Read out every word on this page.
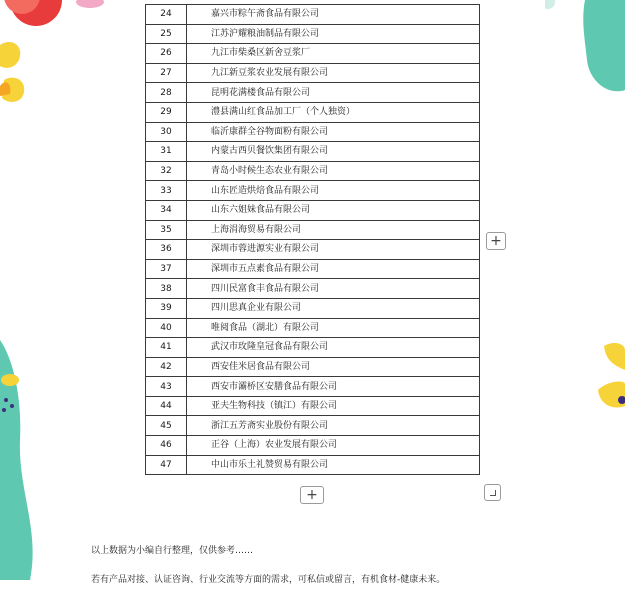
24	嘉兴市粽午斋食品有限公司
25	江苏沪耀粮油制品有限公司
26	九江市柴桑区新舍豆浆厂
27	九江新豆浆农业发展有限公司
28	昆明花满楼食品有限公司
29	澧县满山红食品加工厂（个人独资）
30	临沂康群全谷物面粉有限公司
31	内蒙古西贝餐饮集团有限公司
32	青岛小时候生态农业有限公司
33	山东匠造烘焙食品有限公司
34	山东六姐妹食品有限公司
35	上海涓海贸易有限公司
36	深圳市蓉进源实业有限公司
37	深圳市五点素食品有限公司
38	四川民富食丰食品有限公司
39	四川思真企业有限公司
40	唯阅食品（湖北）有限公司
41	武汉市玫隆皇冠食品有限公司
42	西安佳米居食品有限公司
43	西安市灞桥区安膳食品有限公司
44	亚夫生物科技（镇江）有限公司
45	浙江五芳斋实业股份有限公司
46	正谷（上海）农业发展有限公司
47	中山市乐土礼赞贸易有限公司
+
+
以上数据为小编自行整理，仅供参考……
若有产品对接、认证咨询、行业交流等方面的需求，可私信或留言，有机食材-健康未来。
